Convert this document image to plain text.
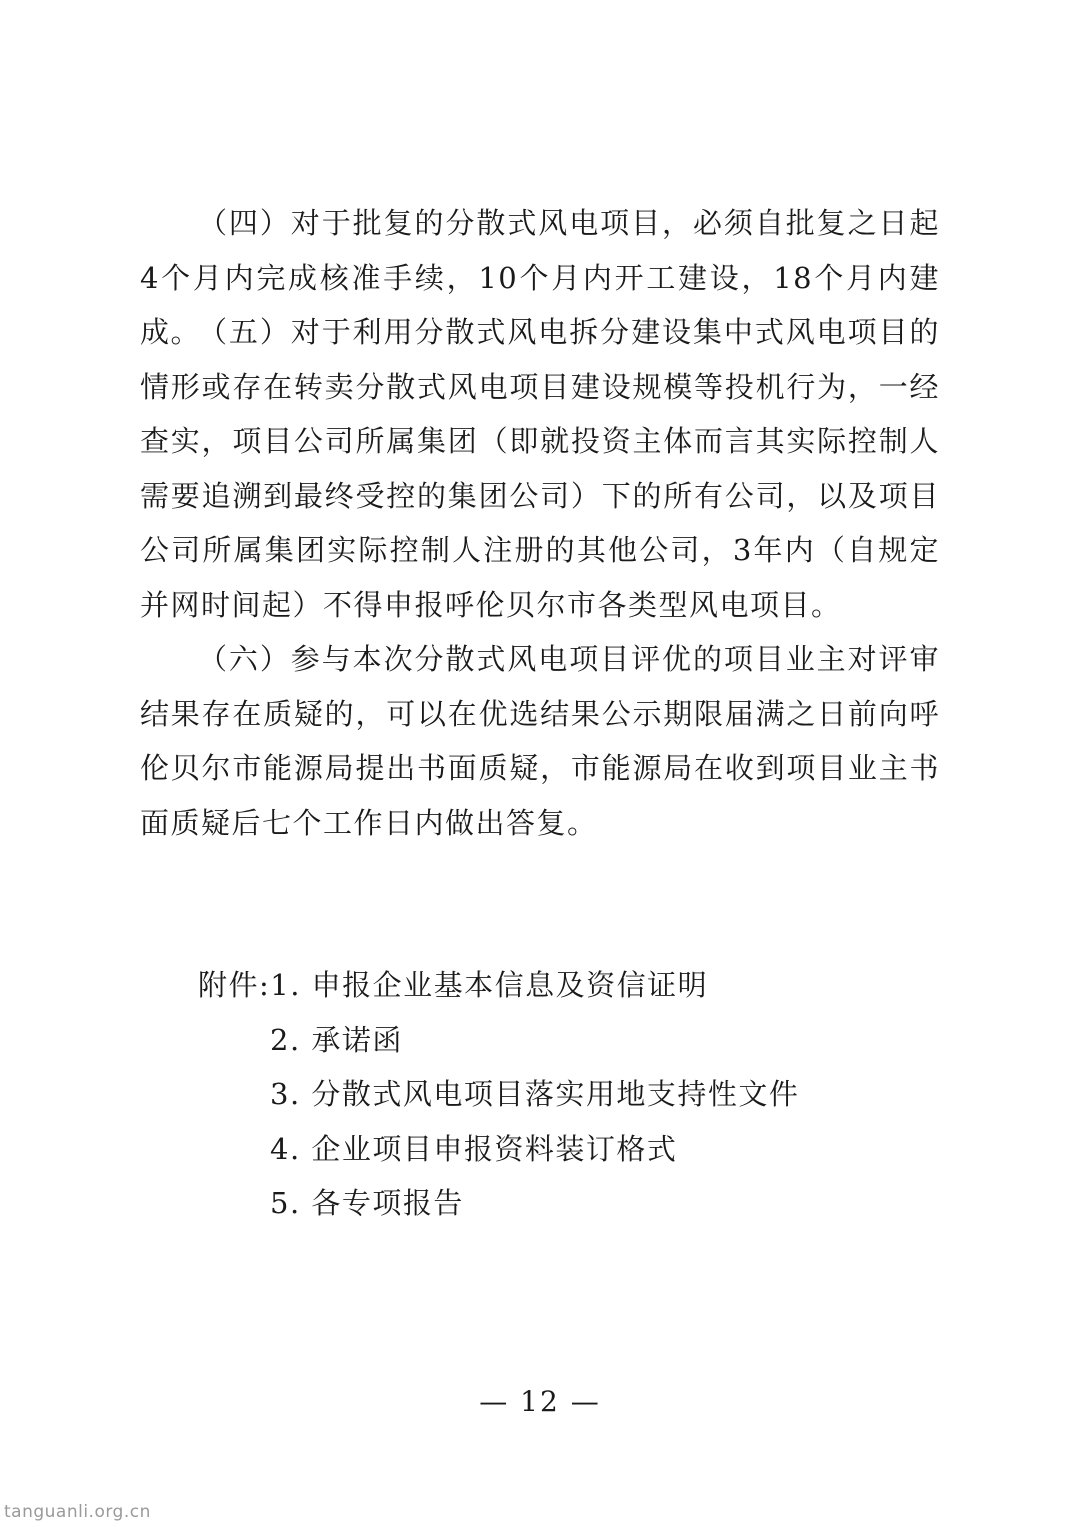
（四）对于批复的分散式风电项目，必须自批复之日起4个月内完成核准手续，10个月内开工建设，18个月内建成。

（五）对于利用分散式风电拆分建设集中式风电项目的情形或存在转卖分散式风电项目建设规模等投机行为，一经查实，项目公司所属集团（即就投资主体而言其实际控制人需要追溯到最终受控的集团公司）下的所有公司，以及项目公司所属集团实际控制人注册的其他公司，3年内（自规定并网时间起）不得申报呼伦贝尔市各类型风电项目。

（六）参与本次分散式风电项目评优的项目业主对评审结果存在质疑的，可以在优选结果公示期限届满之日前向呼伦贝尔市能源局提出书面质疑，市能源局在收到项目业主书面质疑后七个工作日内做出答复。

附件:1. 申报企业基本信息及资信证明
2. 承诺函
3. 分散式风电项目落实用地支持性文件
4. 企业项目申报资料装订格式
5. 各专项报告
— 12 —
tanguanli.org.cn
